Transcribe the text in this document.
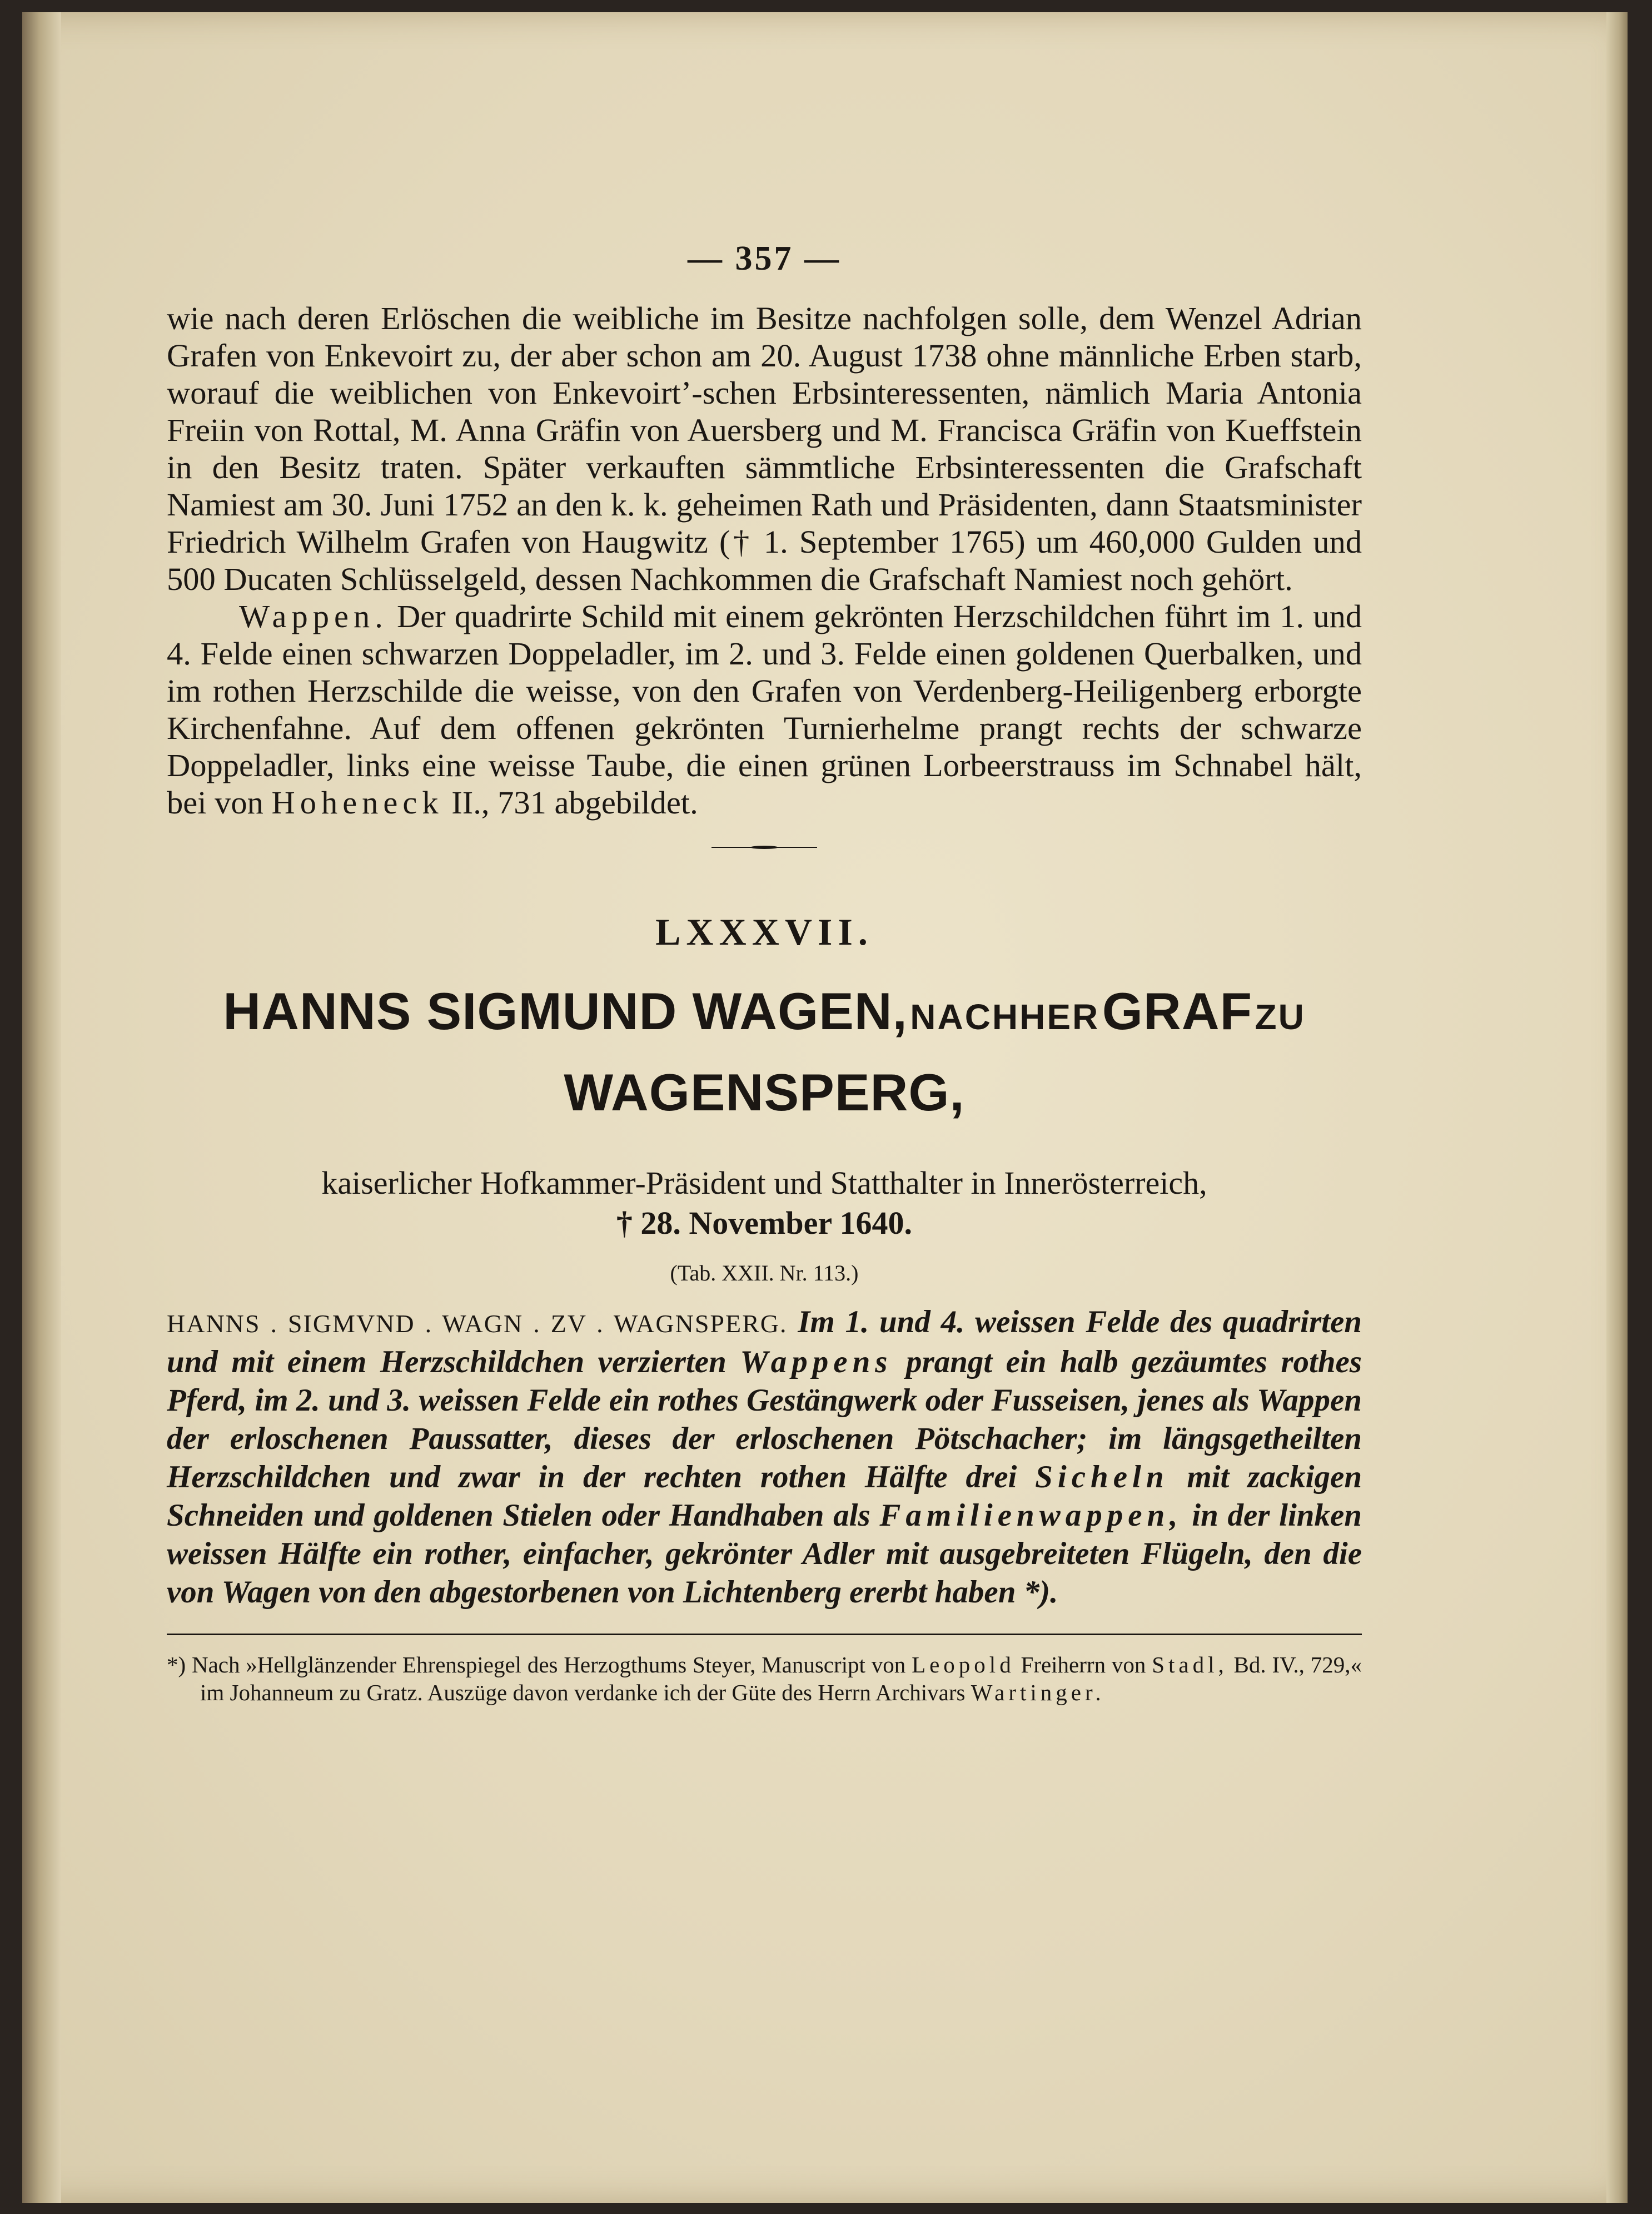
— 357 —

wie nach deren Erlöschen die weibliche im Besitze nachfolgen solle, dem Wenzel Adrian Grafen von Enkevoirt zu, der aber schon am 20. August 1738 ohne männliche Erben starb, worauf die weiblichen von Enkevoirt’-schen Erbsinteressenten, nämlich Maria Antonia Freiin von Rottal, M. Anna Gräfin von Auersberg und M. Francisca Gräfin von Kueffstein in den Besitz traten. Später verkauften sämmtliche Erbsinteressenten die Grafschaft Namiest am 30. Juni 1752 an den k. k. geheimen Rath und Präsidenten, dann Staatsminister Friedrich Wilhelm Grafen von Haugwitz († 1. September 1765) um 460,000 Gulden und 500 Ducaten Schlüsselgeld, dessen Nachkommen die Grafschaft Namiest noch gehört.

Wappen. Der quadrirte Schild mit einem gekrönten Herzschildchen führt im 1. und 4. Felde einen schwarzen Doppeladler, im 2. und 3. Felde einen goldenen Querbalken, und im rothen Herzschilde die weisse, von den Grafen von Verdenberg-Heiligenberg erborgte Kirchenfahne. Auf dem offenen gekrönten Turnierhelme prangt rechts der schwarze Doppeladler, links eine weisse Taube, die einen grünen Lorbeerstrauss im Schnabel hält, bei von Hoheneck II., 731 abgebildet.

LXXXVII.
HANNS SIGMUND WAGEN, NACHHER GRAF ZU
WAGENSPERG,
kaiserlicher Hofkammer-Präsident und Statthalter in Innerösterreich,
† 28. November 1640.
(Tab. XXII. Nr. 113.)

HANNS . SIGMVND . WAGN . ZV . WAGNSPERG. Im 1. und 4. weissen Felde des quadrirten und mit einem Herzschildchen verzierten Wappens prangt ein halb gezäumtes rothes Pferd, im 2. und 3. weissen Felde ein rothes Gestängwerk oder Fusseisen, jenes als Wappen der erloschenen Paussatter, dieses der erloschenen Pötschacher; im längsgetheilten Herzschildchen und zwar in der rechten rothen Hälfte drei Sicheln mit zackigen Schneiden und goldenen Stielen oder Handhaben als Familienwappen, in der linken weissen Hälfte ein rother, einfacher, gekrönter Adler mit ausgebreiteten Flügeln, den die von Wagen von den abgestorbenen von Lichtenberg ererbt haben *).

*) Nach »Hellglänzender Ehrenspiegel des Herzogthums Steyer, Manuscript von Leopold Freiherrn von Stadl, Bd. IV., 729,« im Johanneum zu Gratz. Auszüge davon verdanke ich der Güte des Herrn Archivars Wartinger.
